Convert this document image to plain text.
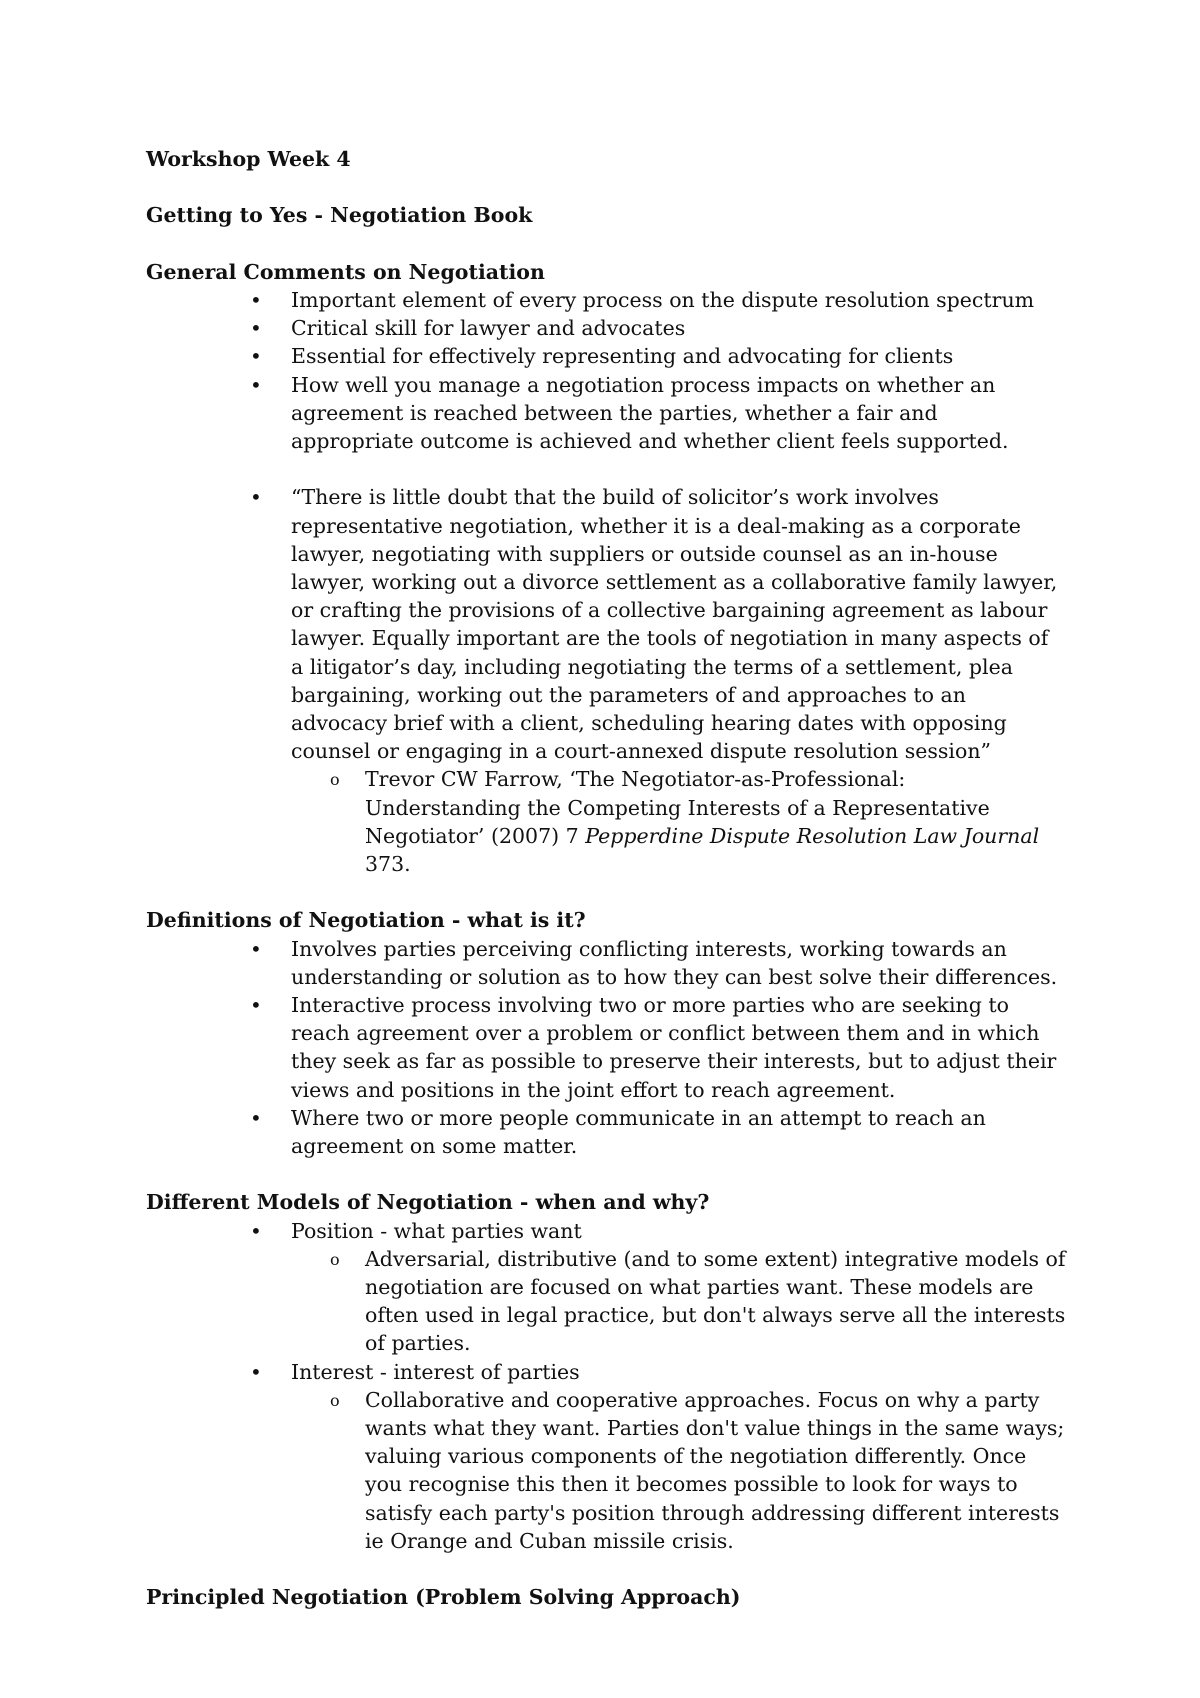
Workshop Week 4

Getting to Yes - Negotiation Book

General Comments on Negotiation

• Important element of every process on the dispute resolution spectrum
• Critical skill for lawyer and advocates
• Essential for effectively representing and advocating for clients
• How well you manage a negotiation process impacts on whether an agreement is reached between the parties, whether a fair and appropriate outcome is achieved and whether client feels supported.
• “There is little doubt that the build of solicitor’s work involves representative negotiation, whether it is a deal-making as a corporate lawyer, negotiating with suppliers or outside counsel as an in-house lawyer, working out a divorce settlement as a collaborative family lawyer, or crafting the provisions of a collective bargaining agreement as labour lawyer. Equally important are the tools of negotiation in many aspects of a litigator’s day, including negotiating the terms of a settlement, plea bargaining, working out the parameters of and approaches to an advocacy brief with a client, scheduling hearing dates with opposing counsel or engaging in a court-annexed dispute resolution session”
o Trevor CW Farrow, ‘The Negotiator-as-Professional: Understanding the Competing Interests of a Representative Negotiator’ (2007) 7 Pepperdine Dispute Resolution Law Journal 373.

Definitions of Negotiation - what is it?

• Involves parties perceiving conflicting interests, working towards an understanding or solution as to how they can best solve their differences.
• Interactive process involving two or more parties who are seeking to reach agreement over a problem or conflict between them and in which they seek as far as possible to preserve their interests, but to adjust their views and positions in the joint effort to reach agreement.
• Where two or more people communicate in an attempt to reach an agreement on some matter.

Different Models of Negotiation - when and why?

• Position - what parties want
o Adversarial, distributive (and to some extent) integrative models of negotiation are focused on what parties want. These models are often used in legal practice, but don't always serve all the interests of parties.
• Interest - interest of parties
o Collaborative and cooperative approaches. Focus on why a party wants what they want. Parties don't value things in the same ways; valuing various components of the negotiation differently. Once you recognise this then it becomes possible to look for ways to satisfy each party's position through addressing different interests ie Orange and Cuban missile crisis.

Principled Negotiation (Problem Solving Approach)
